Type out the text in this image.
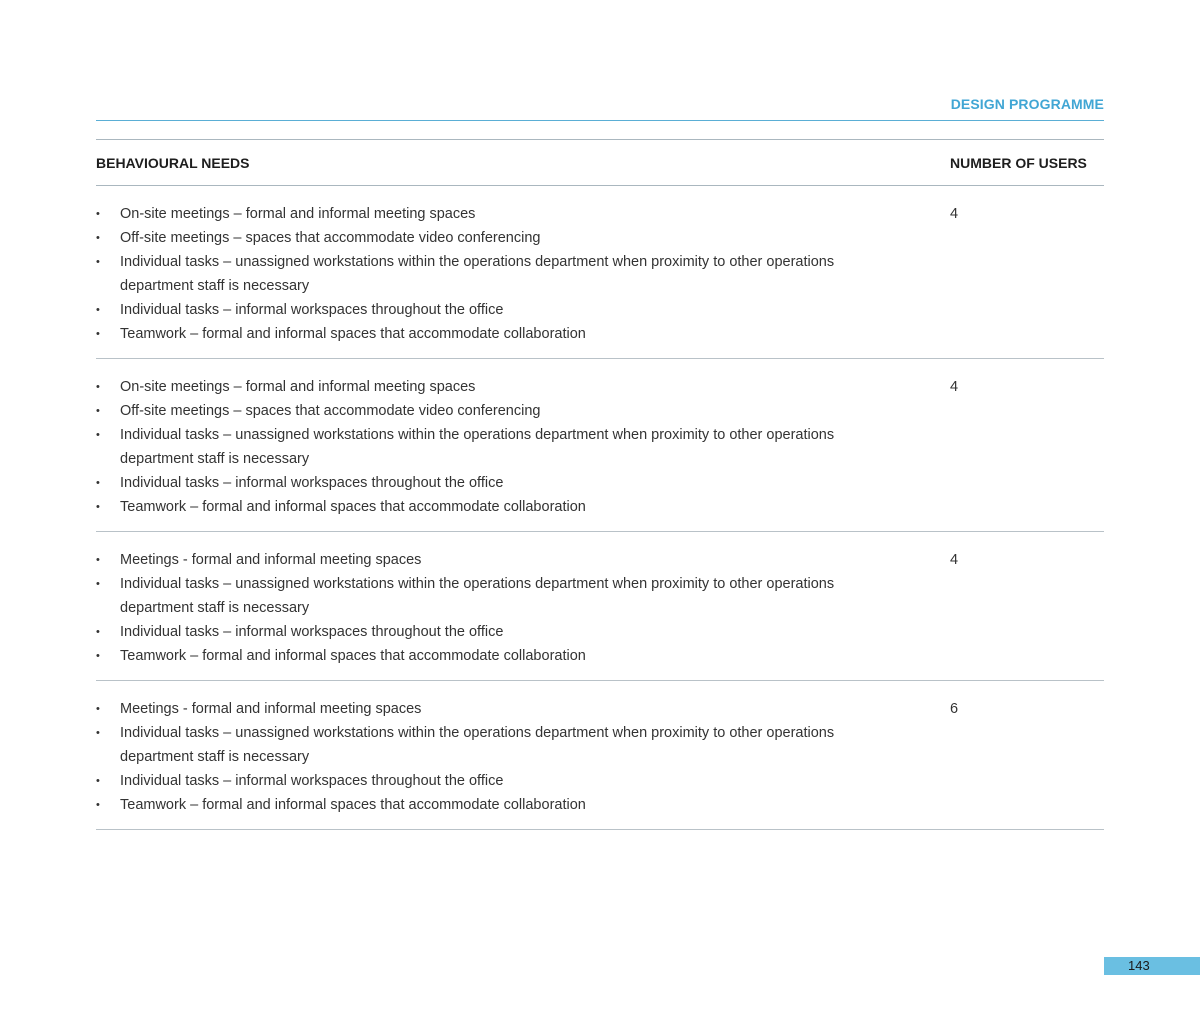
DESIGN PROGRAMME
BEHAVIOURAL NEEDS	NUMBER OF USERS
• On-site meetings – formal and informal meeting spaces
• Off-site meetings – spaces that accommodate video conferencing
• Individual tasks – unassigned workstations within the operations department when proximity to other operations department staff is necessary
• Individual tasks – informal workspaces throughout the office
• Teamwork – formal and informal spaces that accommodate collaboration
4
• On-site meetings – formal and informal meeting spaces
• Off-site meetings – spaces that accommodate video conferencing
• Individual tasks – unassigned workstations within the operations department when proximity to other operations department staff is necessary
• Individual tasks – informal workspaces throughout the office
• Teamwork – formal and informal spaces that accommodate collaboration
4
• Meetings - formal and informal meeting spaces
• Individual tasks – unassigned workstations within the operations department when proximity to other operations department staff is necessary
• Individual tasks – informal workspaces throughout the office
• Teamwork – formal and informal spaces that accommodate collaboration
4
• Meetings - formal and informal meeting spaces
• Individual tasks – unassigned workstations within the operations department when proximity to other operations department staff is necessary
• Individual tasks – informal workspaces throughout the office
• Teamwork – formal and informal spaces that accommodate collaboration
6
143
